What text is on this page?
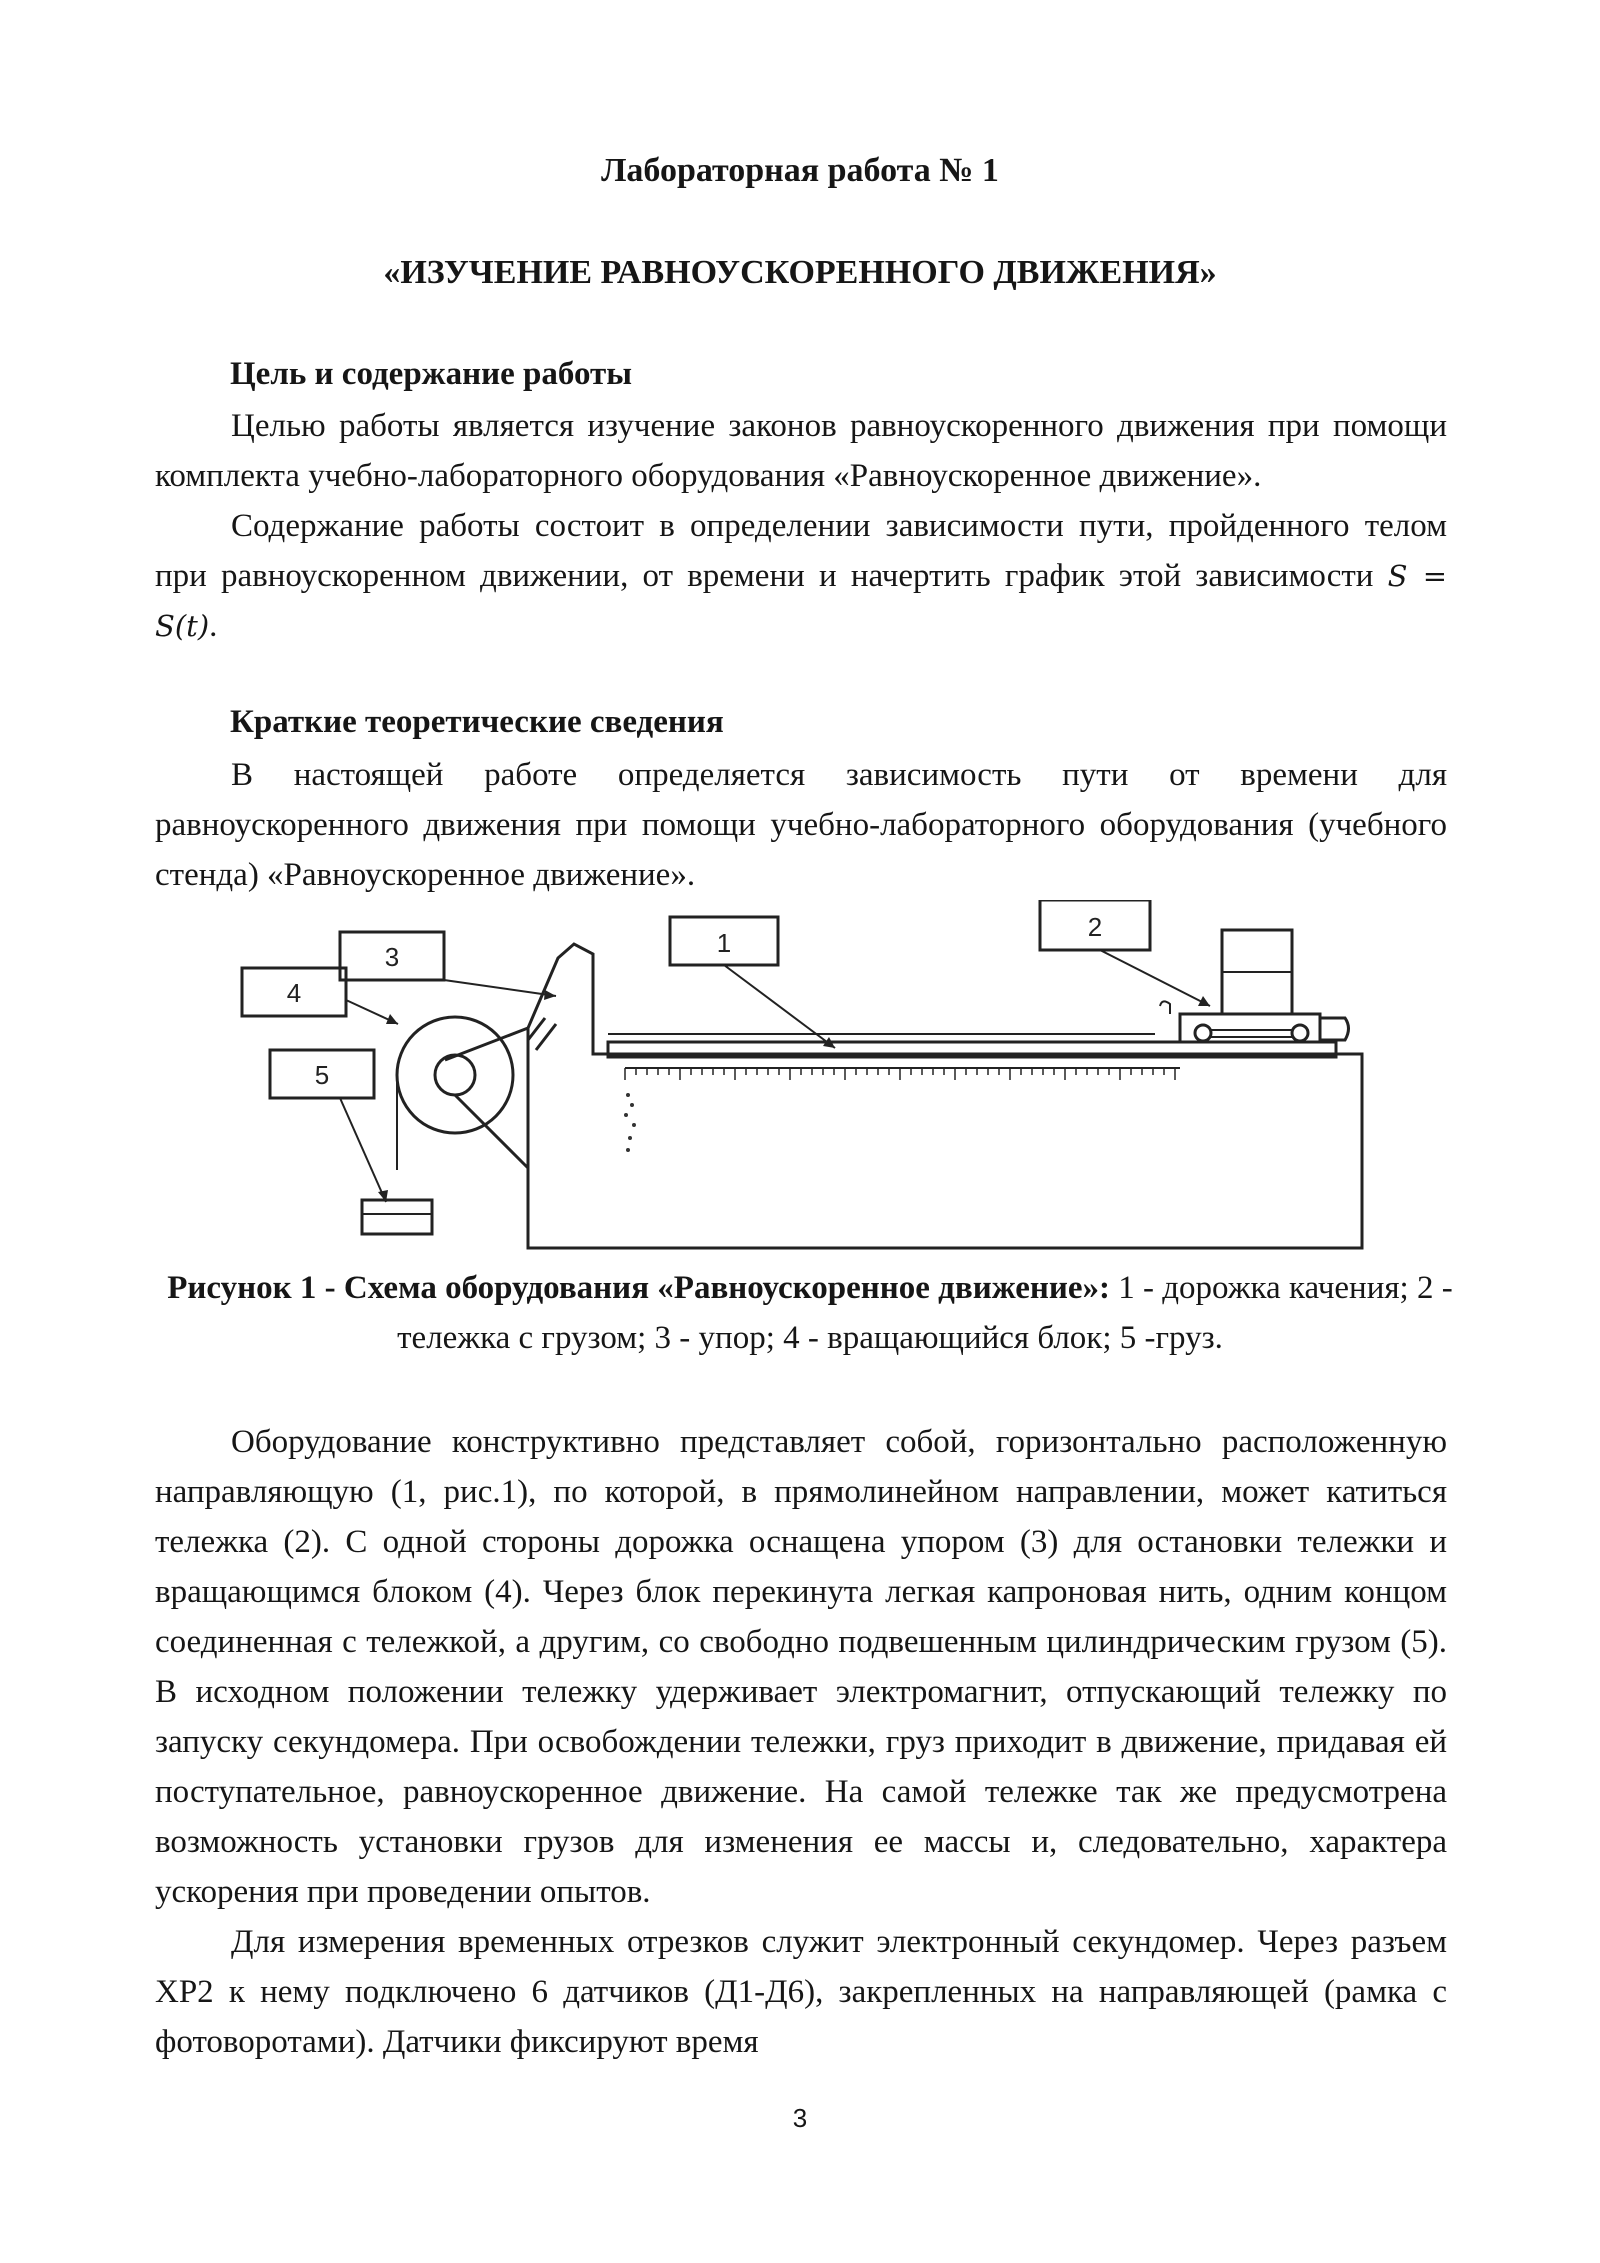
Лабораторная работа № 1
«ИЗУЧЕНИЕ РАВНОУСКОРЕННОГО ДВИЖЕНИЯ»
Цель и содержание работы

Целью работы является изучение законов равноускоренного движения при помощи комплекта учебно-лабораторного оборудования «Равноускоренное движение».

Содержание работы состоит в определении зависимости пути, пройденного телом при равноускоренном движении, от времени и начертить график этой зависимости S = S(t).

Краткие теоретические сведения

В настоящей работе определяется зависимость пути от времени для равноускоренного движения при помощи учебно-лабораторного оборудования (учебного стенда) «Равноускоренное движение».

1
2
3
4
5
Рисунок 1 - Схема оборудования «Равноускоренное движение»: 1 - дорожка качения; 2 - тележка с грузом; 3 - упор; 4 - вращающийся блок; 5 -груз.

Оборудование конструктивно представляет собой, горизонтально расположенную направляющую (1, рис.1), по которой, в прямолинейном направлении, может катиться тележка (2). С одной стороны дорожка оснащена упором (3) для остановки тележки и вращающимся блоком (4). Через блок перекинута легкая капроновая нить, одним концом соединенная с тележкой, а другим, со свободно подвешенным цилиндрическим грузом (5). В исходном положении тележку удерживает электромагнит, отпускающий тележку по запуску секундомера. При освобождении тележки, груз приходит в движение, придавая ей поступательное, равноускоренное движение. На самой тележке так же предусмотрена возможность установки грузов для изменения ее массы и, следовательно, характера ускорения при проведении опытов.

Для измерения временных отрезков служит электронный секундомер. Через разъем XP2 к нему подключено 6 датчиков (Д1-Д6), закрепленных на направляющей (рамка с фотоворотами). Датчики фиксируют время

3
